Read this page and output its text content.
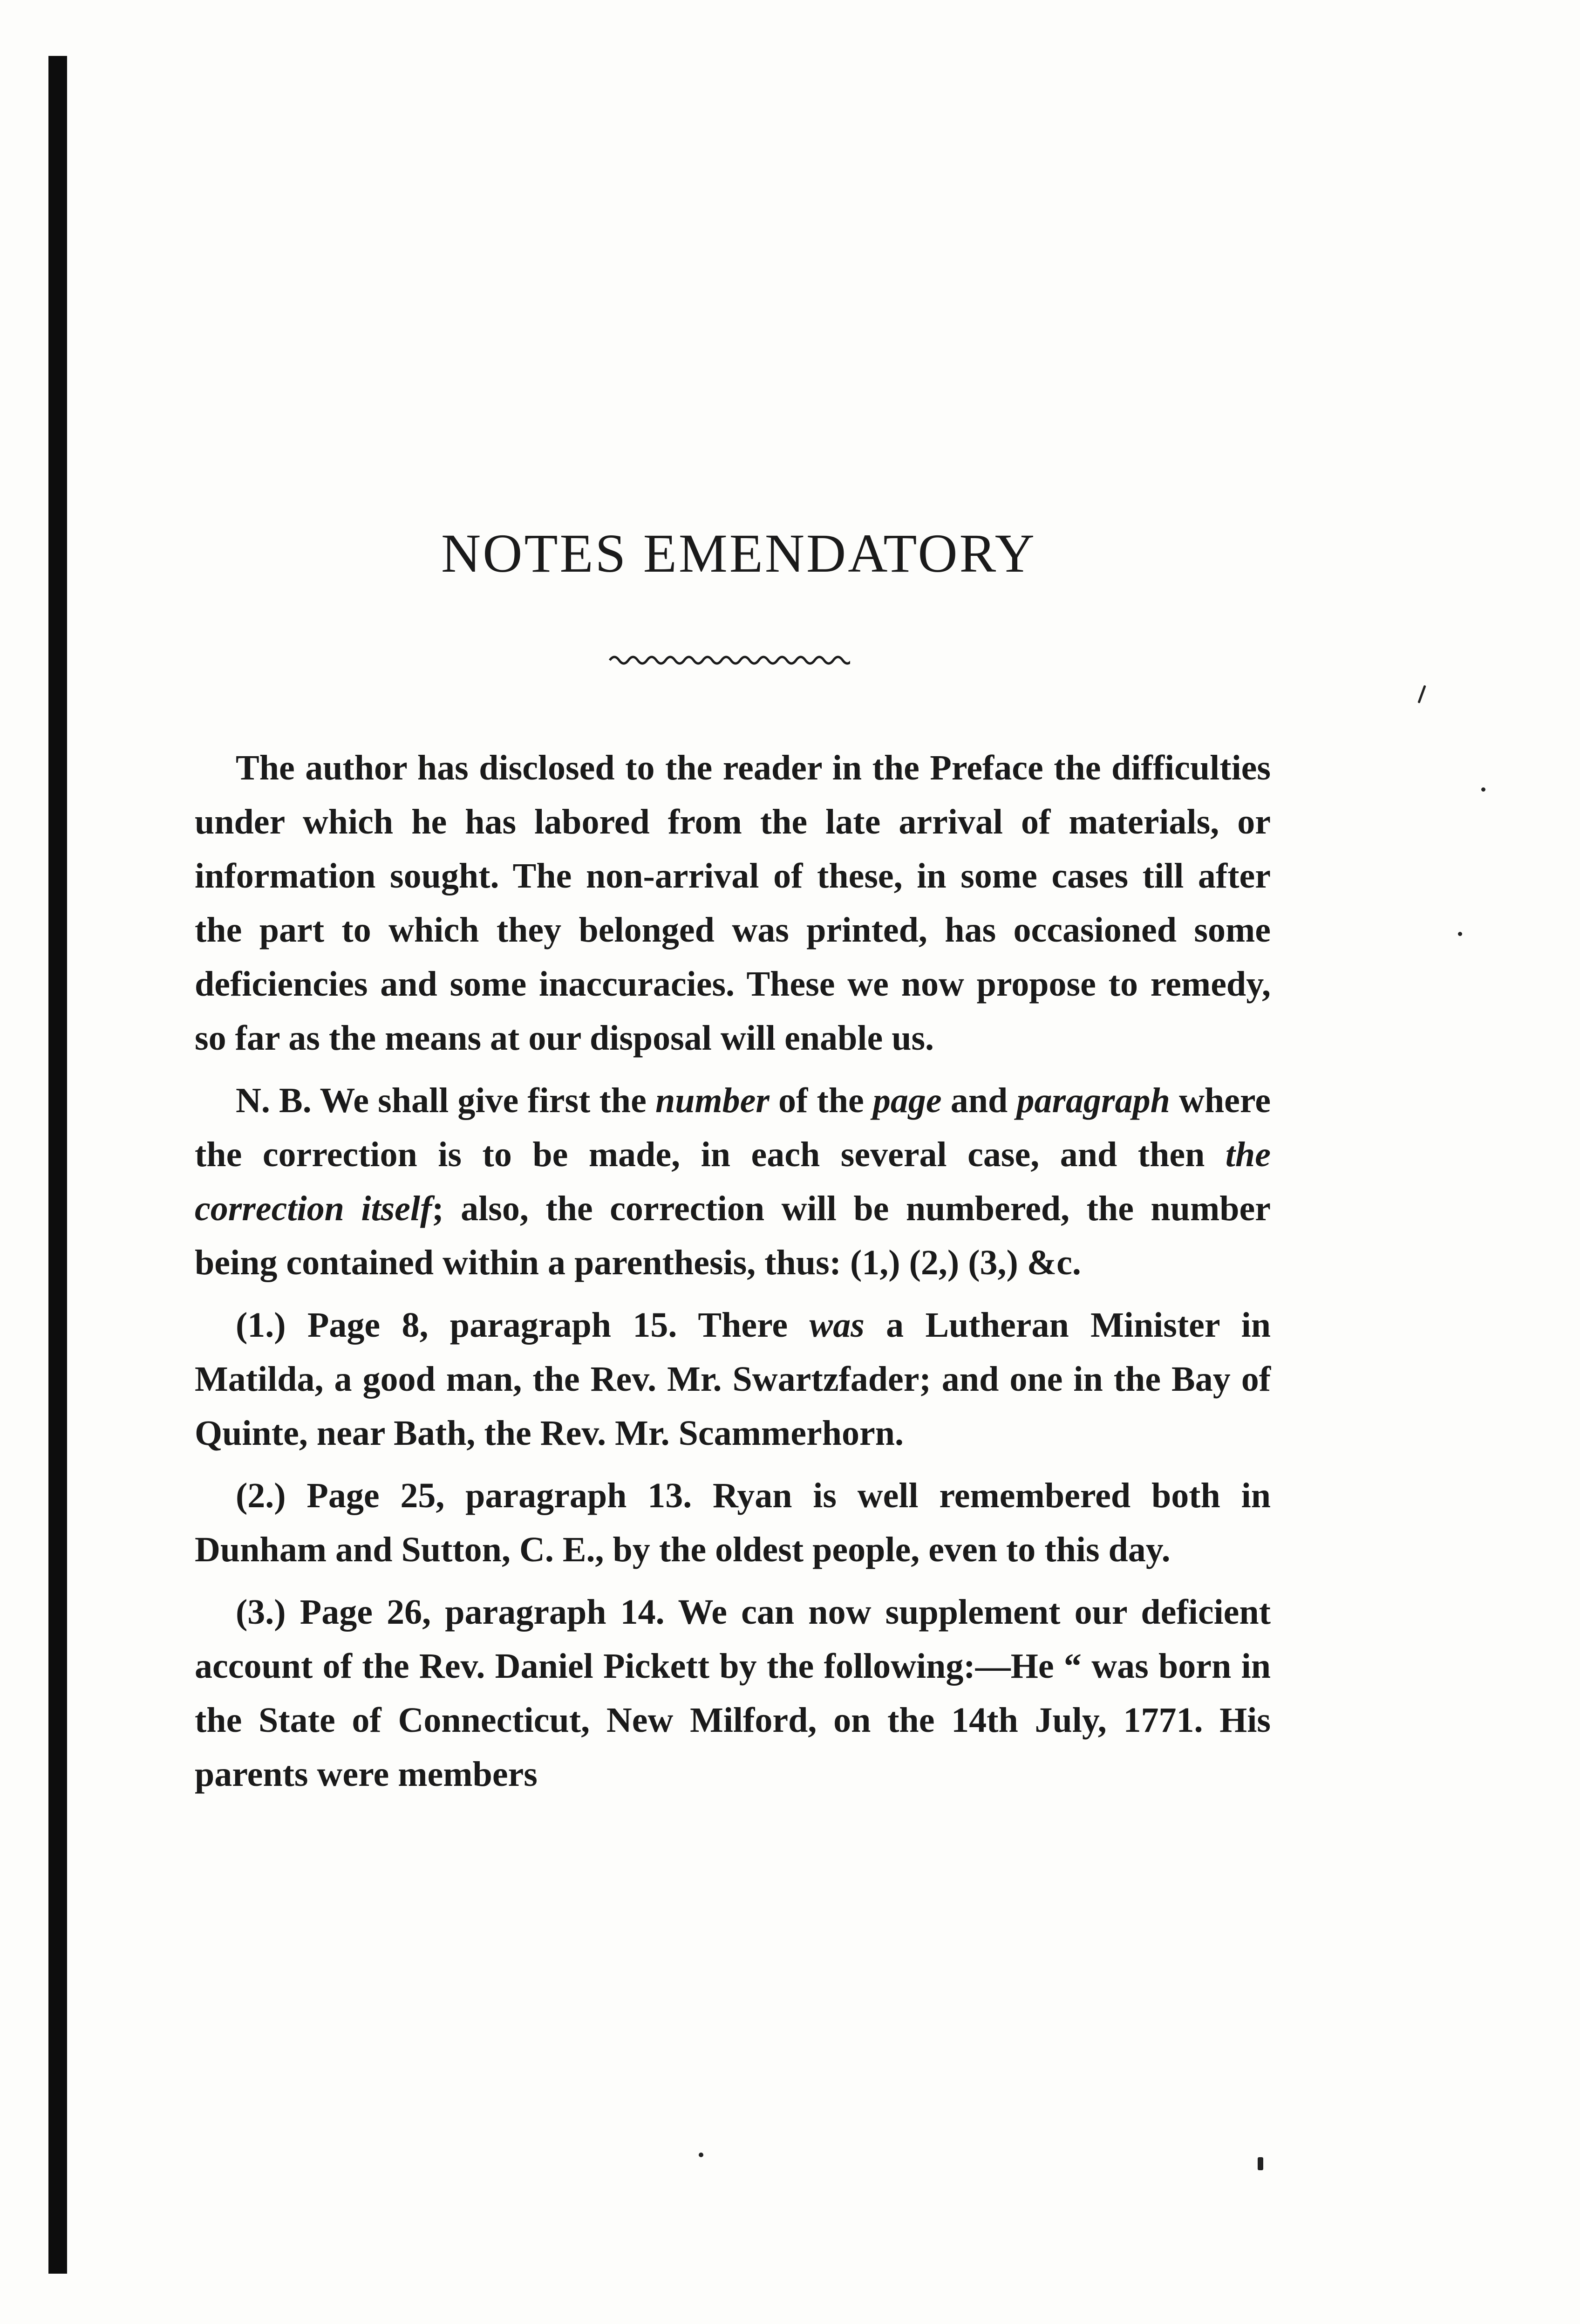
NOTES EMENDATORY

The author has disclosed to the reader in the Preface the difficulties under which he has labored from the late arrival of materials, or information sought. The non-arrival of these, in some cases till after the part to which they belonged was printed, has occasioned some deficiencies and some inaccuracies. These we now propose to remedy, so far as the means at our disposal will enable us.

N. B. We shall give first the number of the page and paragraph where the correction is to be made, in each several case, and then the correction itself; also, the correction will be numbered, the number being contained within a parenthesis, thus: (1,) (2,) (3,) &c.

(1.) Page 8, paragraph 15. There was a Lutheran Minister in Matilda, a good man, the Rev. Mr. Swartzfader; and one in the Bay of Quinte, near Bath, the Rev. Mr. Scammerhorn.

(2.) Page 25, paragraph 13. Ryan is well remembered both in Dunham and Sutton, C. E., by the oldest people, even to this day.

(3.) Page 26, paragraph 14. We can now supplement our deficient account of the Rev. Daniel Pickett by the following:—He “ was born in the State of Connecticut, New Milford, on the 14th July, 1771. His parents were members
